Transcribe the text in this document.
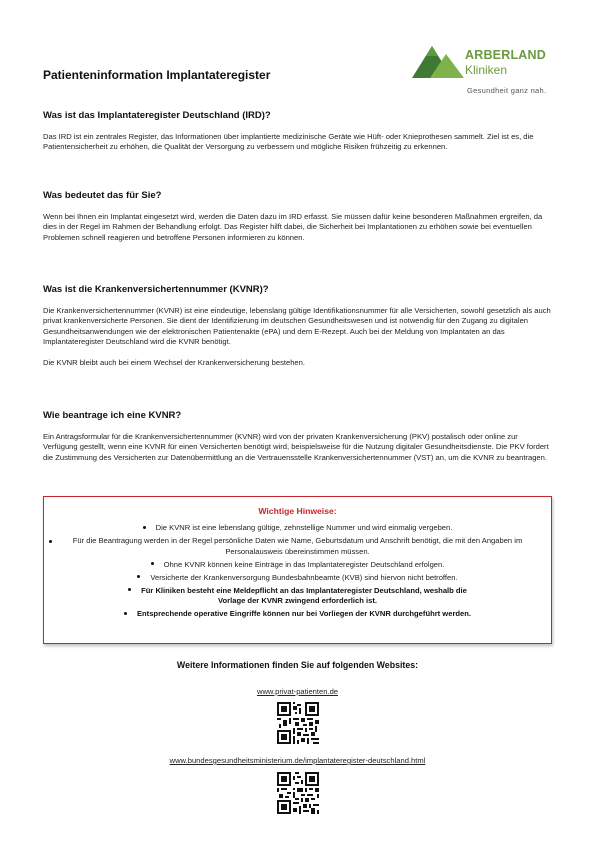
Patienteninformation Implantateregister
ARBERLAND
Kliniken
Gesundheit ganz nah.

Was ist das Implantateregister Deutschland (IRD)?

Das IRD ist ein zentrales Register, das Informationen über implantierte medizinische Geräte wie Hüft- oder Knieprothesen sammelt. Ziel ist es, die Patientensicherheit zu erhöhen, die Qualität der Versorgung zu verbessern und mögliche Risiken frühzeitig zu erkennen.

Was bedeutet das für Sie?

Wenn bei Ihnen ein Implantat eingesetzt wird, werden die Daten dazu im IRD erfasst. Sie müssen dafür keine besonderen Maßnahmen ergreifen, da dies in der Regel im Rahmen der Behandlung erfolgt. Das Register hilft dabei, die Sicherheit bei Implantationen zu erhöhen sowie bei eventuellen Problemen schnell reagieren und betroffene Personen informieren zu können.

Was ist die Krankenversichertennummer (KVNR)?

Die Krankenversichertennummer (KVNR) ist eine eindeutige, lebenslang gültige Identifikationsnummer für alle Versicherten, sowohl gesetzlich als auch privat krankenversicherte Personen. Sie dient der Identifizierung im deutschen Gesundheitswesen und ist notwendig für den Zugang zu digitalen Gesundheitsanwendungen wie der elektronischen Patientenakte (ePA) und dem E-Rezept. Auch bei der Meldung von Implantaten an das Implantateregister Deutschland wird die KVNR benötigt.

Die KVNR bleibt auch bei einem Wechsel der Krankenversicherung bestehen.

Wie beantrage ich eine KVNR?

Ein Antragsformular für die Krankenversichertennummer (KVNR) wird von der privaten Krankenversicherung (PKV) postalisch oder online zur Verfügung gestellt, wenn eine KVNR für einen Versicherten benötigt wird, beispielsweise für die Nutzung digitaler Gesundheitsdienste. Die PKV fordert die Zustimmung des Versicherten zur Datenübermittlung an die Vertrauensstelle Krankenversichertennummer (VST) an, um die KVNR zu beantragen.

Wichtige Hinweise:
Die KVNR ist eine lebenslang gültige, zehnstellige Nummer und wird einmalig vergeben.
Für die Beantragung werden in der Regel persönliche Daten wie Name, Geburtsdatum und Anschrift benötigt, die mit den Angaben im Personalausweis übereinstimmen müssen.
Ohne KVNR können keine Einträge in das Implantateregister Deutschland erfolgen.
Versicherte der Krankenversorgung Bundesbahnbeamte (KVB) sind hiervon nicht betroffen.
Für Kliniken besteht eine Meldepflicht an das Implantateregister Deutschland, weshalb die Vorlage der KVNR zwingend erforderlich ist.
Entsprechende operative Eingriffe können nur bei Vorliegen der KVNR durchgeführt werden.
Weitere Informationen finden Sie auf folgenden Websites:
www.privat-patienten.de
www.bundesgesundheitsministerium.de/implantateregister-deutschland.html
